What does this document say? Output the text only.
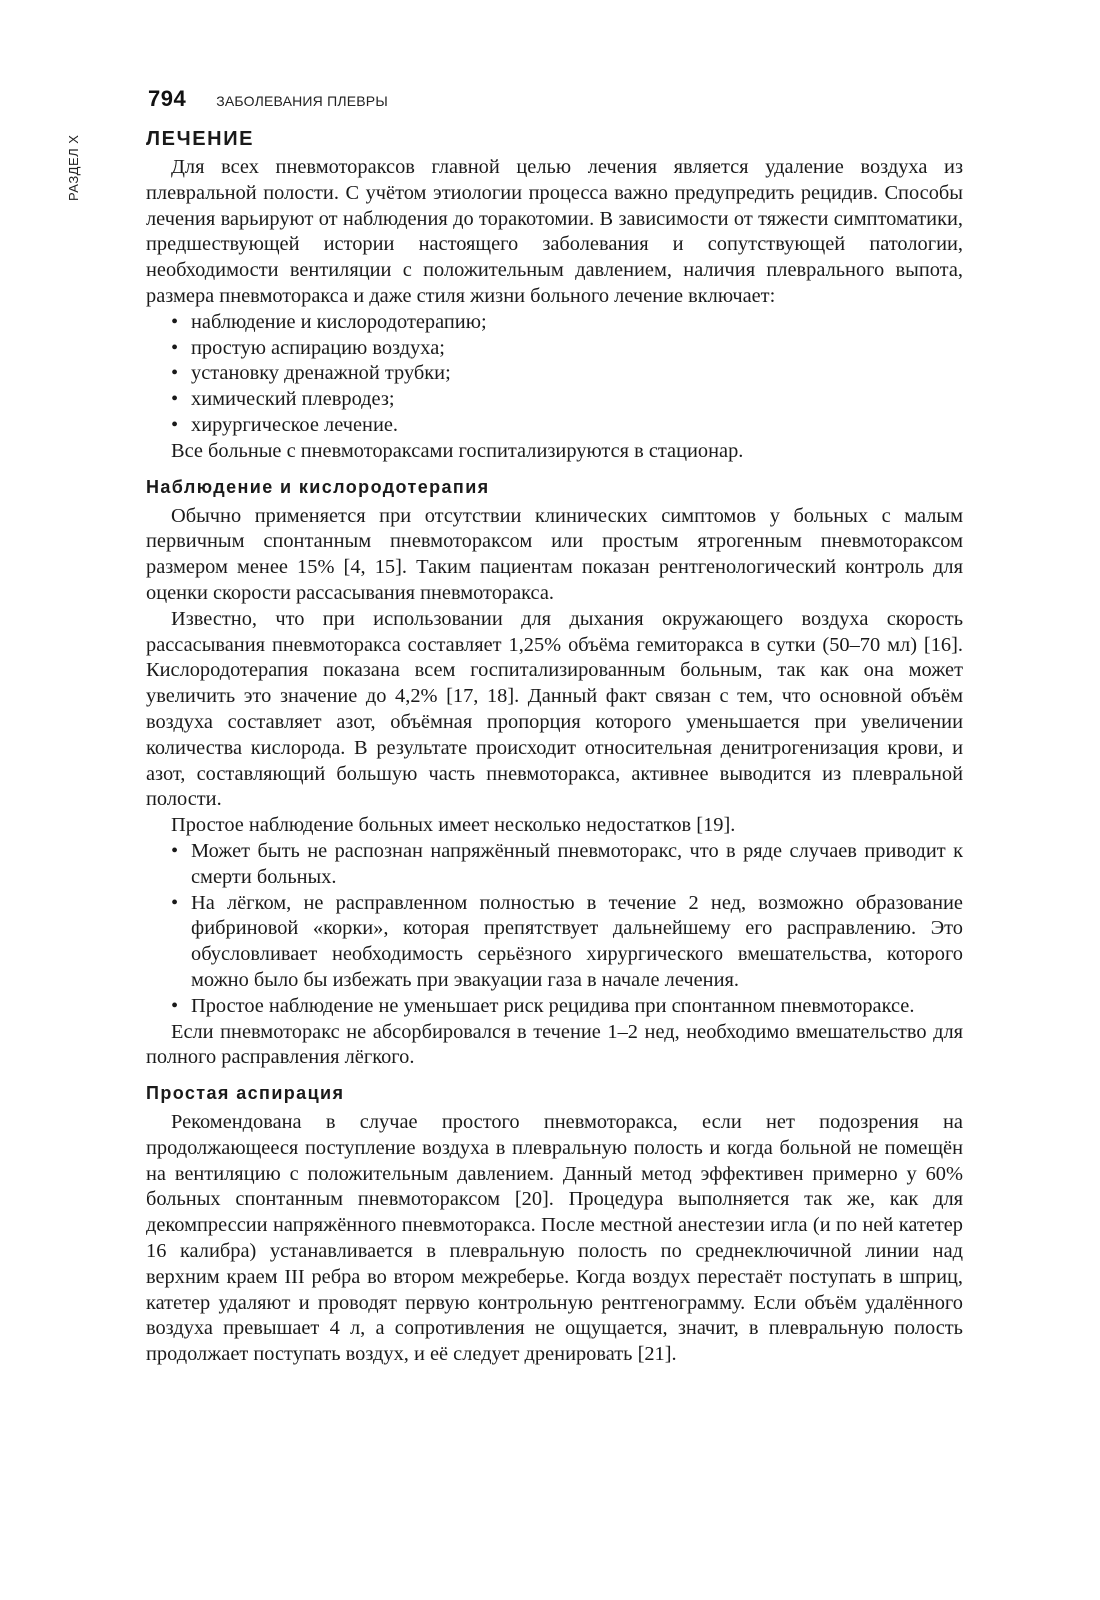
РАЗДЕЛ X
794 ЗАБОЛЕВАНИЯ ПЛЕВРЫ
ЛЕЧЕНИЕ

Для всех пневмотораксов главной целью лечения является удаление воздуха из плевральной полости. С учётом этиологии процесса важно предупредить рецидив. Способы лечения варьируют от наблюдения до торакотомии. В зависимости от тяжести симптоматики, предшествующей истории настоящего заболевания и сопутствующей патологии, необходимости вентиляции с положительным давлением, наличия плеврального выпота, размера пневмоторакса и даже стиля жизни больного лечение включает:

• наблюдение и кислородотерапию;
• простую аспирацию воздуха;
• установку дренажной трубки;
• химический плевродез;
• хирургическое лечение.

Все больные с пневмотораксами госпитализируются в стационар.

Наблюдение и кислородотерапия

Обычно применяется при отсутствии клинических симптомов у больных с малым первичным спонтанным пневмотораксом или простым ятрогенным пневмотораксом размером менее 15% [4, 15]. Таким пациентам показан рентгенологический контроль для оценки скорости рассасывания пневмоторакса.

Известно, что при использовании для дыхания окружающего воздуха скорость рассасывания пневмоторакса составляет 1,25% объёма гемиторакса в сутки (50–70 мл) [16]. Кислородотерапия показана всем госпитализированным больным, так как она может увеличить это значение до 4,2% [17, 18]. Данный факт связан с тем, что основной объём воздуха составляет азот, объёмная пропорция которого уменьшается при увеличении количества кислорода. В результате происходит относительная денитрогенизация крови, и азот, составляющий большую часть пневмоторакса, активнее выводится из плевральной полости.

Простое наблюдение больных имеет несколько недостатков [19].

• Может быть не распознан напряжённый пневмоторакс, что в ряде случаев приводит к смерти больных.
• На лёгком, не расправленном полностью в течение 2 нед, возможно образование фибриновой «корки», которая препятствует дальнейшему его расправлению. Это обусловливает необходимость серьёзного хирургического вмешательства, которого можно было бы избежать при эвакуации газа в начале лечения.
• Простое наблюдение не уменьшает риск рецидива при спонтанном пневмотораксе.

Если пневмоторакс не абсорбировался в течение 1–2 нед, необходимо вмешательство для полного расправления лёгкого.

Простая аспирация

Рекомендована в случае простого пневмоторакса, если нет подозрения на продолжающееся поступление воздуха в плевральную полость и когда больной не помещён на вентиляцию с положительным давлением. Данный метод эффективен примерно у 60% больных спонтанным пневмотораксом [20]. Процедура выполняется так же, как для декомпрессии напряжённого пневмоторакса. После местной анестезии игла (и по ней катетер 16 калибра) устанавливается в плевральную полость по среднеключичной линии над верхним краем III ребра во втором межреберье. Когда воздух перестаёт поступать в шприц, катетер удаляют и проводят первую контрольную рентгенограмму. Если объём удалённого воздуха превышает 4 л, а сопротивления не ощущается, значит, в плевральную полость продолжает поступать воздух, и её следует дренировать [21].
